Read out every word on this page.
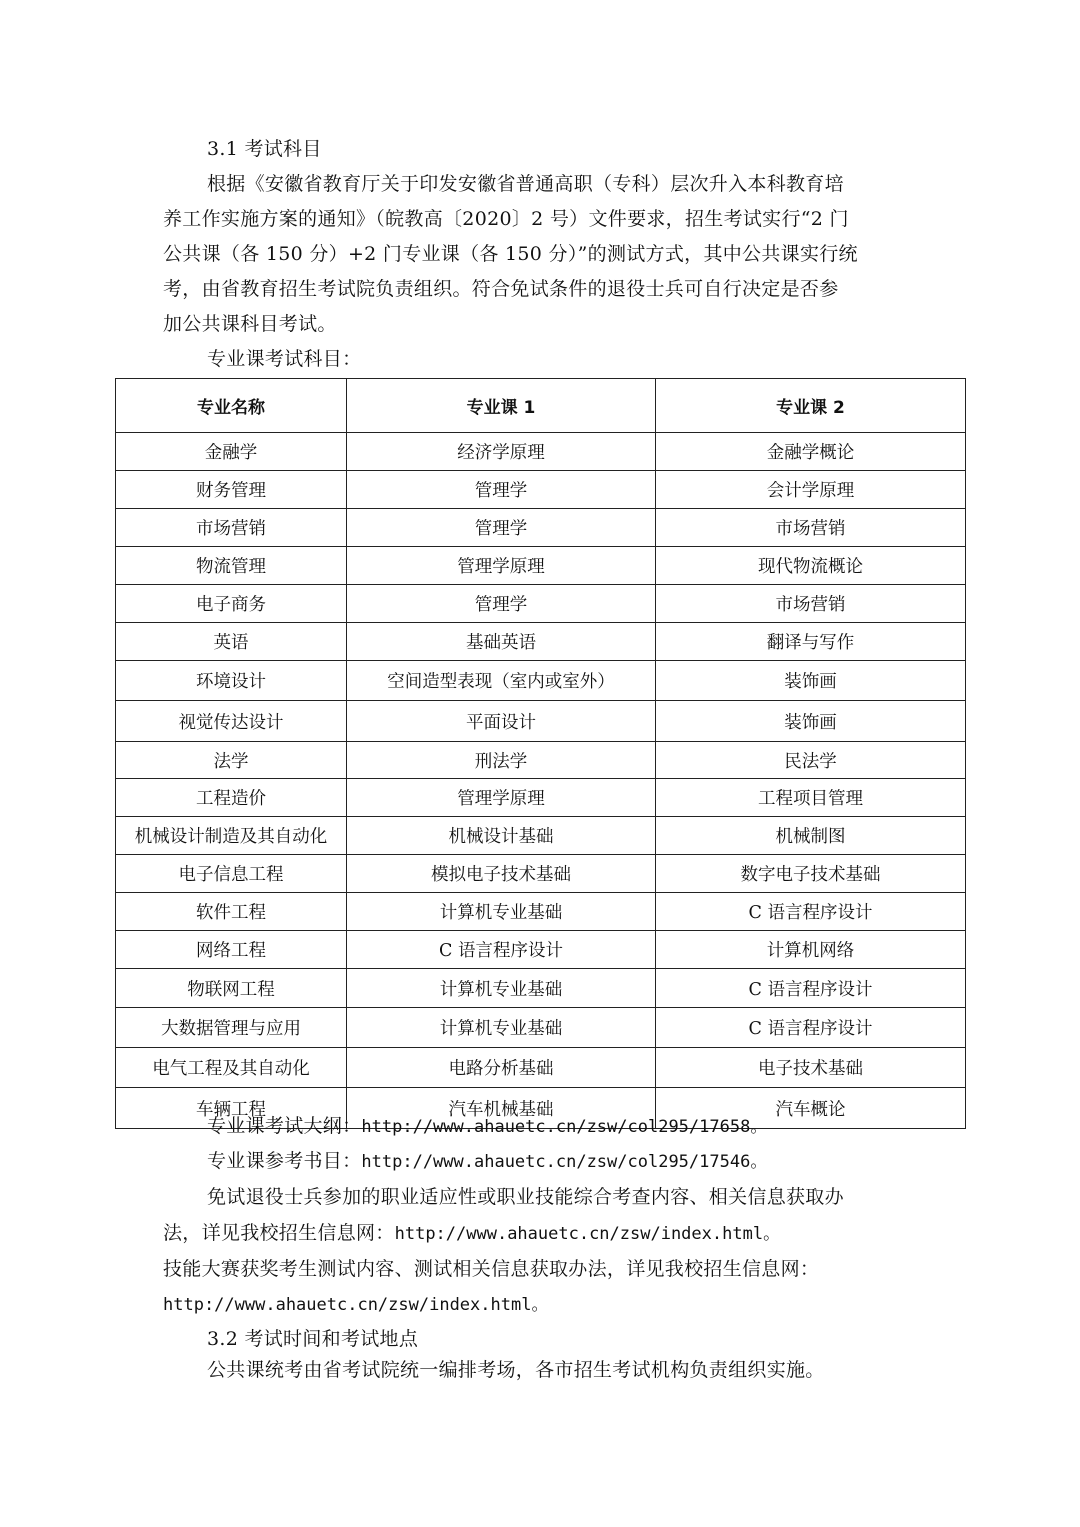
3.1 考试科目
根据《安徽省教育厅关于印发安徽省普通高职（专科）层次升入本科教育培
养工作实施方案的通知》（皖教高〔2020〕2 号）文件要求，招生考试实行“2 门
公共课（各 150 分）+2 门专业课（各 150 分）”的测试方式，其中公共课实行统
考，由省教育招生考试院负责组织。符合免试条件的退役士兵可自行决定是否参
加公共课科目考试。
专业课考试科目：
专业名称	专业课 1	专业课 2
金融学	经济学原理	金融学概论
财务管理	管理学	会计学原理
市场营销	管理学	市场营销
物流管理	管理学原理	现代物流概论
电子商务	管理学	市场营销
英语	基础英语	翻译与写作
环境设计	空间造型表现（室内或室外）	装饰画
视觉传达设计	平面设计	装饰画
法学	刑法学	民法学
工程造价	管理学原理	工程项目管理
机械设计制造及其自动化	机械设计基础	机械制图
电子信息工程	模拟电子技术基础	数字电子技术基础
软件工程	计算机专业基础	C 语言程序设计
网络工程	C 语言程序设计	计算机网络
物联网工程	计算机专业基础	C 语言程序设计
大数据管理与应用	计算机专业基础	C 语言程序设计
电气工程及其自动化	电路分析基础	电子技术基础
车辆工程	汽车机械基础	汽车概论
专业课考试大纲：http://www.ahauetc.cn/zsw/col295/17658。
专业课参考书目：http://www.ahauetc.cn/zsw/col295/17546。
免试退役士兵参加的职业适应性或职业技能综合考查内容、相关信息获取办
法，详见我校招生信息网：http://www.ahauetc.cn/zsw/index.html。
技能大赛获奖考生测试内容、测试相关信息获取办法，详见我校招生信息网：
http://www.ahauetc.cn/zsw/index.html。
3.2 考试时间和考试地点
公共课统考由省考试院统一编排考场，各市招生考试机构负责组织实施。
